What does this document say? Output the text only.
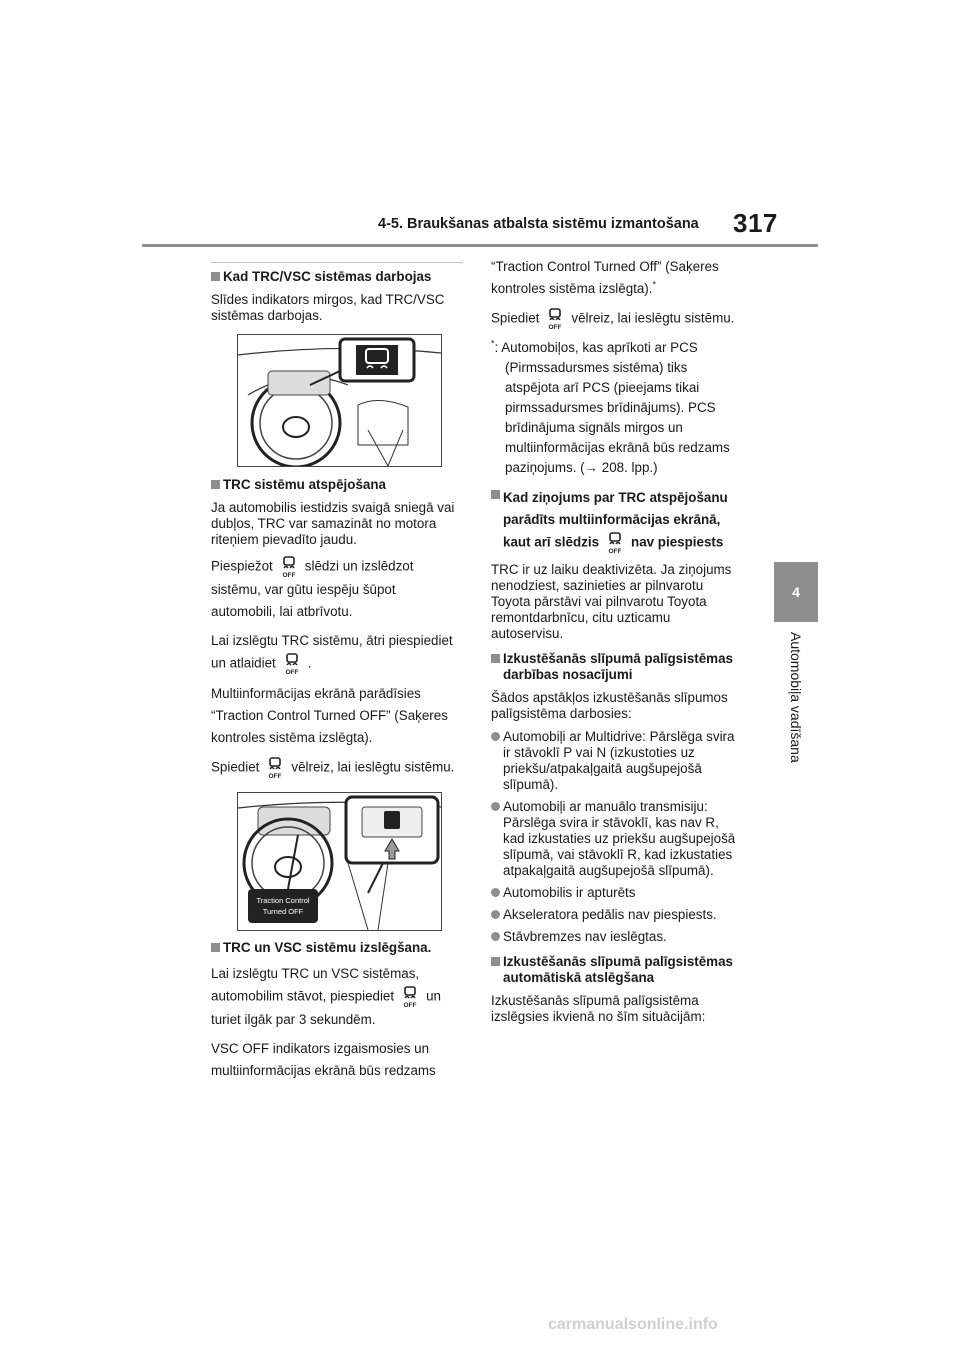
4-5. Braukšanas atbalsta sistēmu izmantošana 317
4
Automobiļa vadīšana

Kad TRC/VSC sistēmas darbojas

Slīdes indikators mirgos, kad TRC/VSC sistēmas darbojas.

TRC sistēmu atspējošana

Ja automobilis iestidzis svaigā sniegā vai dubļos, TRC var samazināt no motora riteņiem pievadīto jaudu.

Piespiežot
OFF
slēdzi un izslēdzot sistēmu, var gūtu iespēju šūpot automobili, lai atbrīvotu.

Lai izslēgtu TRC sistēmu, ātri piespiediet un atlaidiet
OFF
.

Multiinformācijas ekrānā parādīsies “Traction Control Turned OFF” (Saķeres kontroles sistēma izslēgta).

Spiediet
OFF
vēlreiz, lai ieslēgtu sistēmu.

Traction Control
Turned OFF

TRC un VSC sistēmu izslēgšana.

Lai izslēgtu TRC un VSC sistēmas, automobilim stāvot, piespiediet
OFF
un turiet ilgāk par 3 sekundēm.

VSC OFF indikators izgaismosies un multiinformācijas ekrānā būs redzams

“Traction Control Turned Off” (Saķeres kontroles sistēma izslēgta).*

Spiediet
OFF
vēlreiz, lai ieslēgtu sistēmu.

*: Automobiļos, kas aprīkoti ar PCS (Pirmssadursmes sistēma) tiks atspējota arī PCS (pieejams tikai pirmssadursmes brīdinājums). PCS brīdinājuma signāls mirgos un multiinformācijas ekrānā būs redzams paziņojums. (→ 208. lpp.)

Kad ziņojums par TRC atspējošanu parādīts multiinformācijas ekrānā, kaut arī slēdzis
OFF
nav piespiests

TRC ir uz laiku deaktivizēta. Ja ziņojums nenodziest, sazinieties ar pilnvarotu Toyota pārstāvi vai pilnvarotu Toyota remontdarbnīcu, citu uzticamu autoservisu.

Izkustēšanās slīpumā palīgsistēmas darbības nosacījumi

Šādos apstākļos izkustēšanās slīpumos palīgsistēma darbosies:

Automobiļi ar Multidrive: Pārslēga svira ir stāvoklī P vai N (izkustoties uz priekšu/atpakaļgaitā augšupejošā slīpumā).

Automobiļi ar manuālo transmisiju: Pārslēga svira ir stāvoklī, kas nav R, kad izkustaties uz priekšu augšupejošā slīpumā, vai stāvoklī R, kad izkustaties atpakaļgaitā augšupejošā slīpumā).

Automobilis ir apturēts

Akseleratora pedālis nav piespiests.

Stāvbremzes nav ieslēgtas.

Izkustēšanās slīpumā palīgsistēmas automātiskā atslēgšana

Izkustēšanās slīpumā palīgsistēma izslēgsies ikvienā no šīm situācijām:

carmanualsonline.info
